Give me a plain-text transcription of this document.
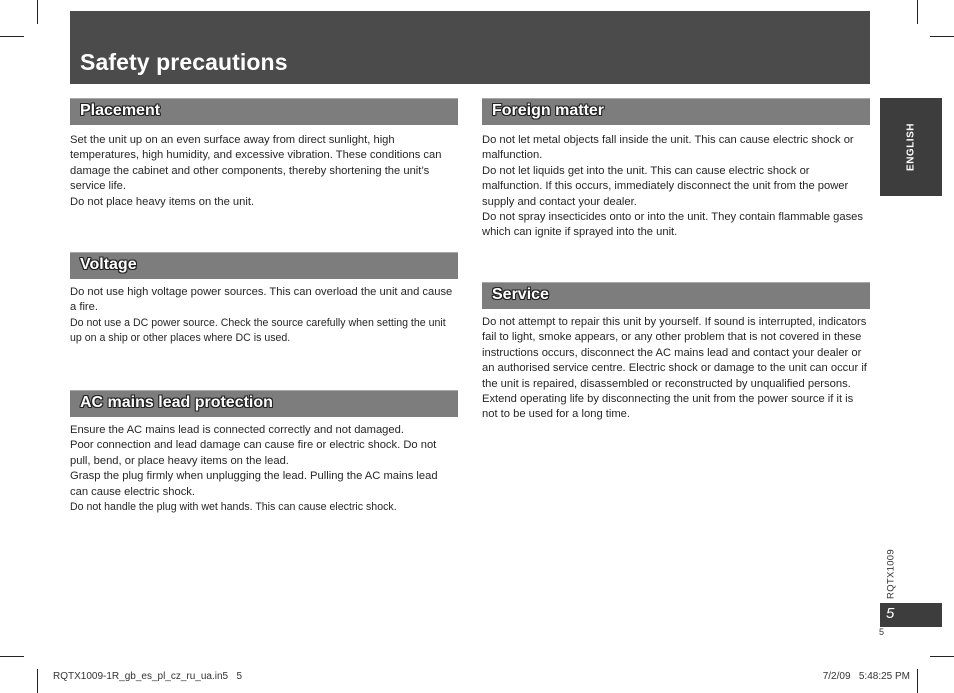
Safety precautions
Placement

Set the unit up on an even surface away from direct sunlight, high temperatures, high humidity, and excessive vibration. These conditions can damage the cabinet and other components, thereby shortening the unit’s service life.

Do not place heavy items on the unit.

Voltage

Do not use high voltage power sources. This can overload the unit and cause a fire.

Do not use a DC power source. Check the source carefully when setting the unit up on a ship or other places where DC is used.

AC mains lead protection

Ensure the AC mains lead is connected correctly and not damaged.

Poor connection and lead damage can cause fire or electric shock. Do not pull, bend, or place heavy items on the lead.

Grasp the plug firmly when unplugging the lead. Pulling the AC mains lead can cause electric shock.

Do not handle the plug with wet hands. This can cause electric shock.

Foreign matter

Do not let metal objects fall inside the unit. This can cause electric shock or malfunction.

Do not let liquids get into the unit. This can cause electric shock or malfunction. If this occurs, immediately disconnect the unit from the power supply and contact your dealer.

Do not spray insecticides onto or into the unit. They contain flammable gases which can ignite if sprayed into the unit.

Service

Do not attempt to repair this unit by yourself. If sound is interrupted, indicators fail to light, smoke appears, or any other problem that is not covered in these instructions occurs, disconnect the AC mains lead and contact your dealer or an authorised service centre. Electric shock or damage to the unit can occur if the unit is repaired, disassembled or reconstructed by unqualified persons.

Extend operating life by disconnecting the unit from the power source if it is not to be used for a long time.

ENGLISH
RQTX1009
5
5
RQTX1009-1R_gb_es_pl_cz_ru_ua.in5   5	7/2/09   5:48:25 PM
